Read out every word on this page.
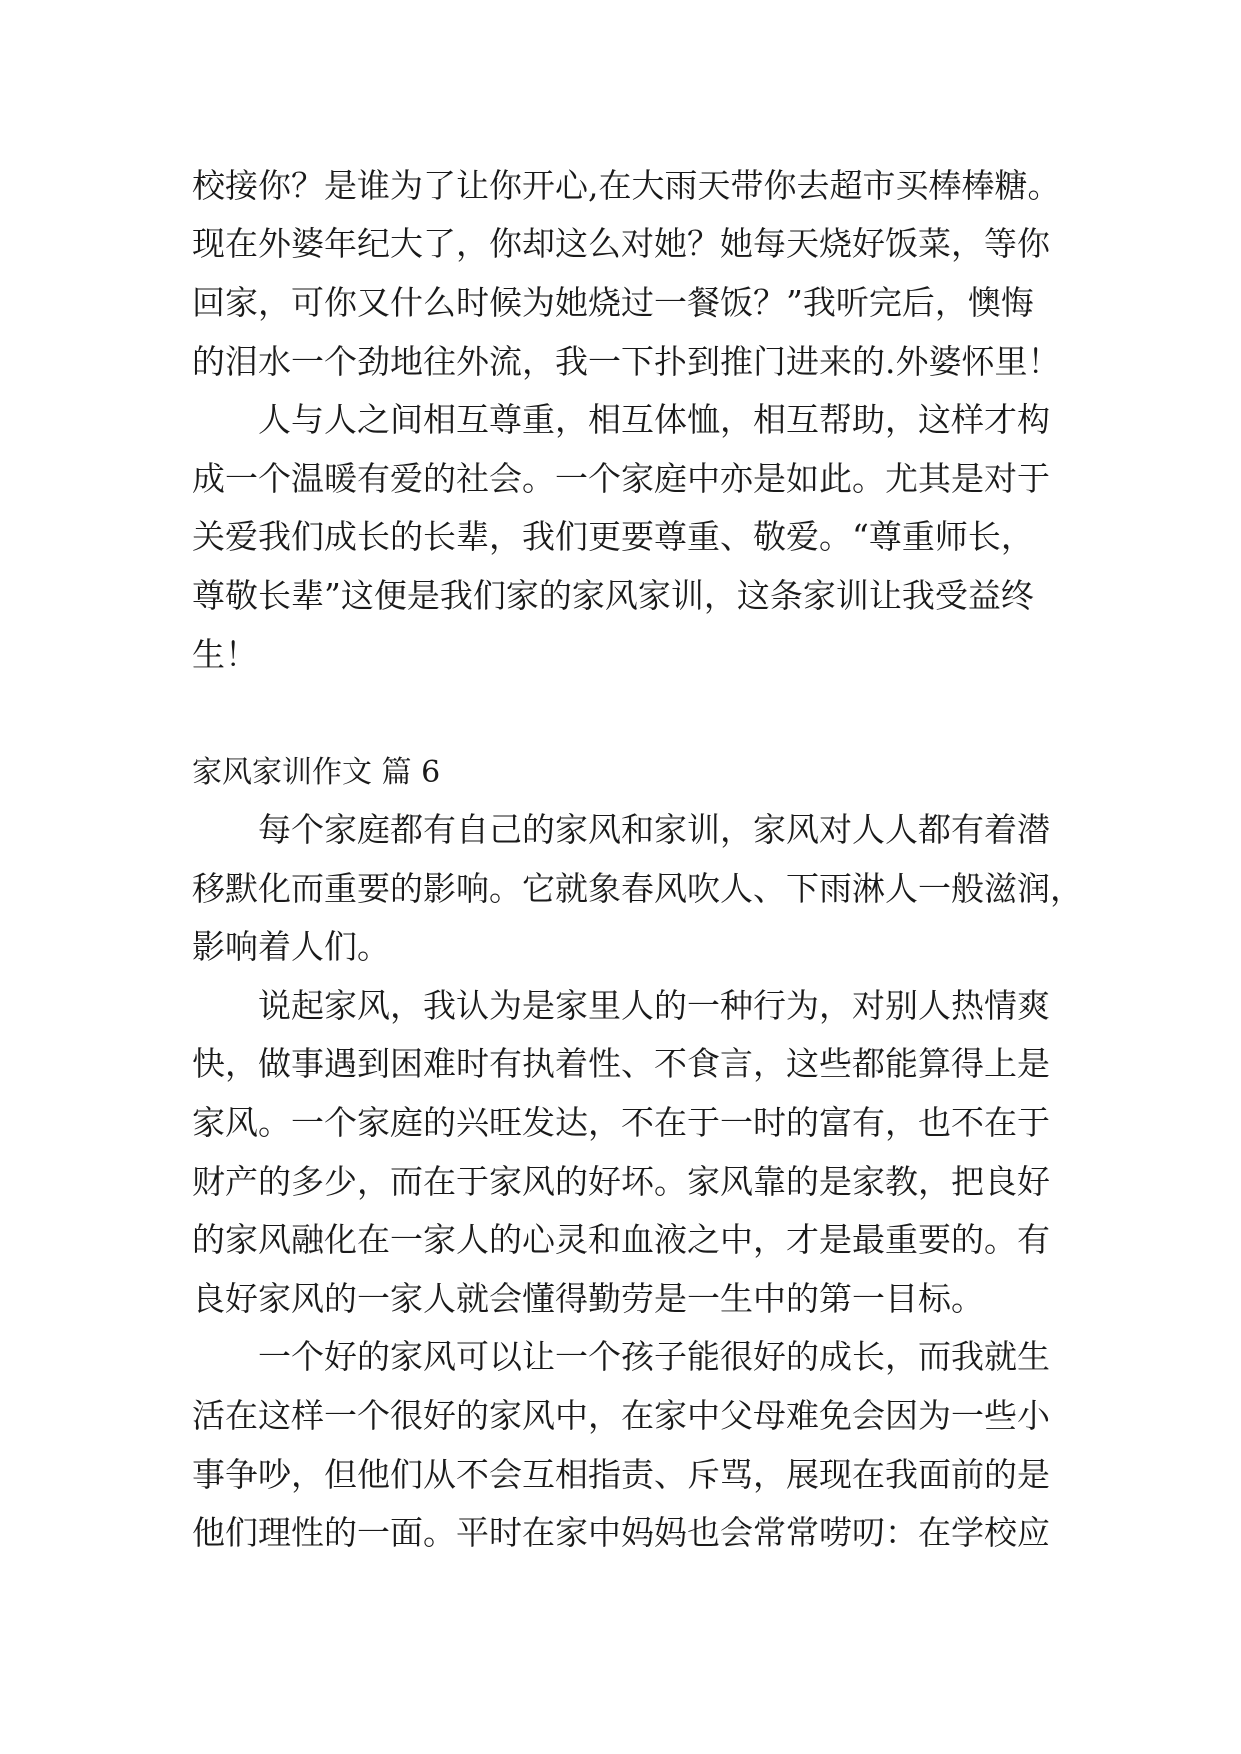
校接你？是谁为了让你开心,在大雨天带你去超市买棒棒糖。
现在外婆年纪大了，你却这么对她？她每天烧好饭菜，等你
回家，可你又什么时候为她烧过一餐饭？”我听完后，懊悔
的泪水一个劲地往外流，我一下扑到推门进来的.外婆怀里！
人与人之间相互尊重，相互体恤，相互帮助，这样才构
成一个温暖有爱的社会。一个家庭中亦是如此。尤其是对于
关爱我们成长的长辈，我们更要尊重、敬爱。“尊重师长，
尊敬长辈”这便是我们家的家风家训，这条家训让我受益终
生！
家风家训作文 篇 6
每个家庭都有自己的家风和家训，家风对人人都有着潜
移默化而重要的影响。它就象春风吹人、下雨淋人一般滋润，
影响着人们。
说起家风，我认为是家里人的一种行为，对别人热情爽
快，做事遇到困难时有执着性、不食言，这些都能算得上是
家风。一个家庭的兴旺发达，不在于一时的富有，也不在于
财产的多少，而在于家风的好坏。家风靠的是家教，把良好
的家风融化在一家人的心灵和血液之中，才是最重要的。有
良好家风的一家人就会懂得勤劳是一生中的第一目标。
一个好的家风可以让一个孩子能很好的成长，而我就生
活在这样一个很好的家风中，在家中父母难免会因为一些小
事争吵，但他们从不会互相指责、斥骂，展现在我面前的是
他们理性的一面。平时在家中妈妈也会常常唠叨：在学校应
